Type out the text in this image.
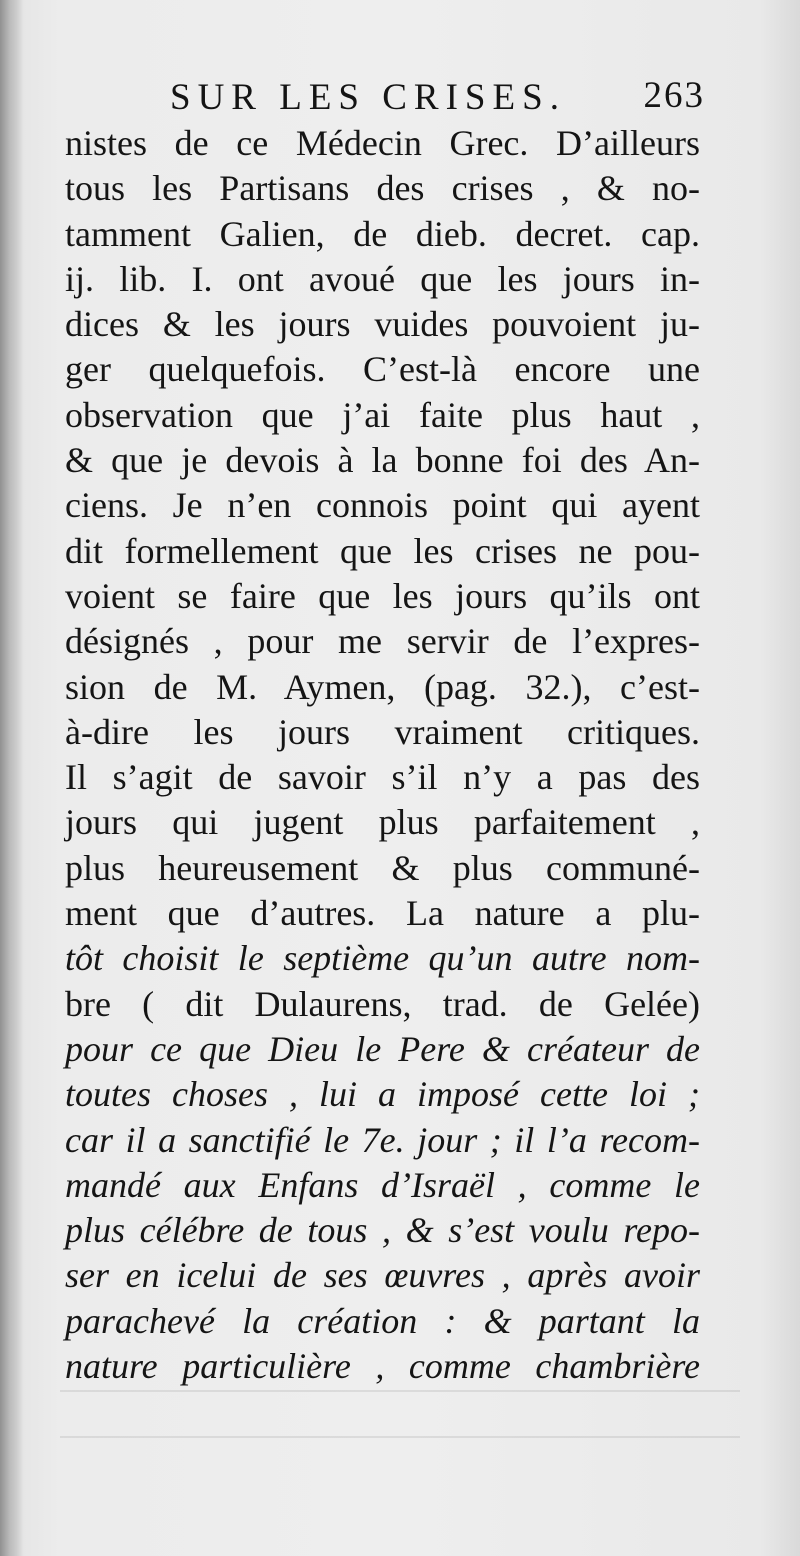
SUR LES CRISES. 263
nistes de ce Médecin Grec. D’ailleurs
tous les Partisans des crises , & no-
tamment Galien, de dieb. decret. cap.
ij. lib. I. ont avoué que les jours in-
dices & les jours vuides pouvoient ju-
ger quelquefois. C’est-là encore une
observation que j’ai faite plus haut ,
& que je devois à la bonne foi des An-
ciens. Je n’en connois point qui ayent
dit formellement que les crises ne pou-
voient se faire que les jours qu’ils ont
désignés , pour me servir de l’expres-
sion de M. Aymen, (pag. 32.), c’est-
à-dire les jours vraiment critiques.
Il s’agit de savoir s’il n’y a pas des
jours qui jugent plus parfaitement ,
plus heureusement & plus communé-
ment que d’autres. La nature a plu-
tôt choisit le septième qu’un autre nom-
bre ( dit Dulaurens, trad. de Gelée)
pour ce que Dieu le Pere & créateur de
toutes choses , lui a imposé cette loi ;
car il a sanctifié le 7e. jour ; il l’a recom-
mandé aux Enfans d’Israël , comme le
plus célébre de tous , & s’est voulu repo-
ser en icelui de ses œuvres , après avoir
parachevé la création : & partant la
nature particulière , comme chambrière
